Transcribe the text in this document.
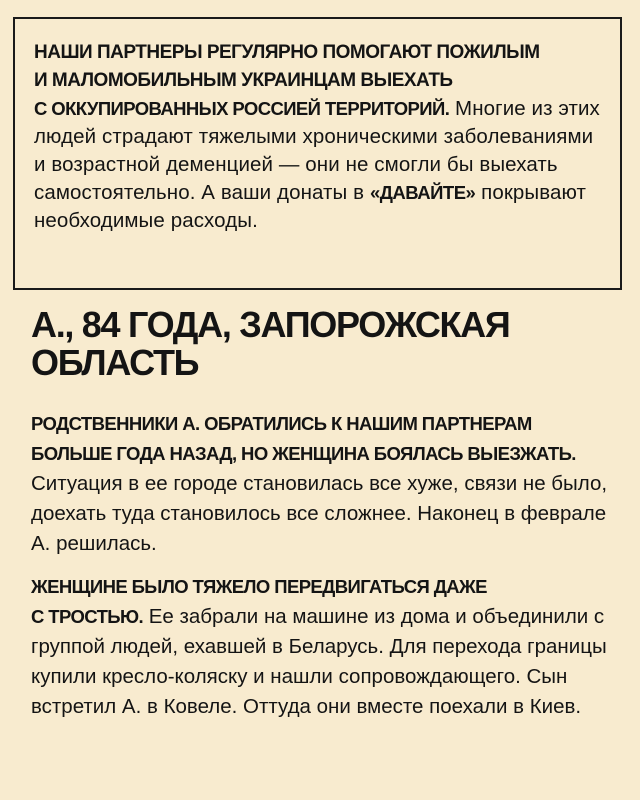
НАШИ ПАРТНЕРЫ РЕГУЛЯРНО ПОМОГАЮТ ПОЖИЛЫМ
И МАЛОМОБИЛЬНЫМ УКРАИНЦАМ ВЫЕХАТЬ
С ОККУПИРОВАННЫХ РОССИЕЙ ТЕРРИТОРИЙ. Многие из этих людей страдают тяжелыми хроническими заболеваниями и возрастной деменцией — они не смогли бы выехать самостоятельно. А ваши донаты в «ДАВАЙТЕ» покрывают необходимые расходы.

А., 84 ГОДА, ЗАПОРОЖСКАЯ
ОБЛАСТЬ
РОДСТВЕННИКИ А. ОБРАТИЛИСЬ К НАШИМ ПАРТНЕРАМ
БОЛЬШЕ ГОДА НАЗАД, НО ЖЕНЩИНА БОЯЛАСЬ ВЫЕЗЖАТЬ.

Ситуация в ее городе становилась все хуже, связи не было, доехать туда становилось все сложнее. Наконец в феврале А. решилась.

ЖЕНЩИНЕ БЫЛО ТЯЖЕЛО ПЕРЕДВИГАТЬСЯ ДАЖЕ

С ТРОСТЬЮ. Ее забрали на машине из дома и объединили с группой людей, ехавшей в Беларусь. Для перехода границы купили кресло-коляску и нашли сопровождающего. Сын встретил А. в Ковеле. Оттуда они вместе поехали в Киев.
